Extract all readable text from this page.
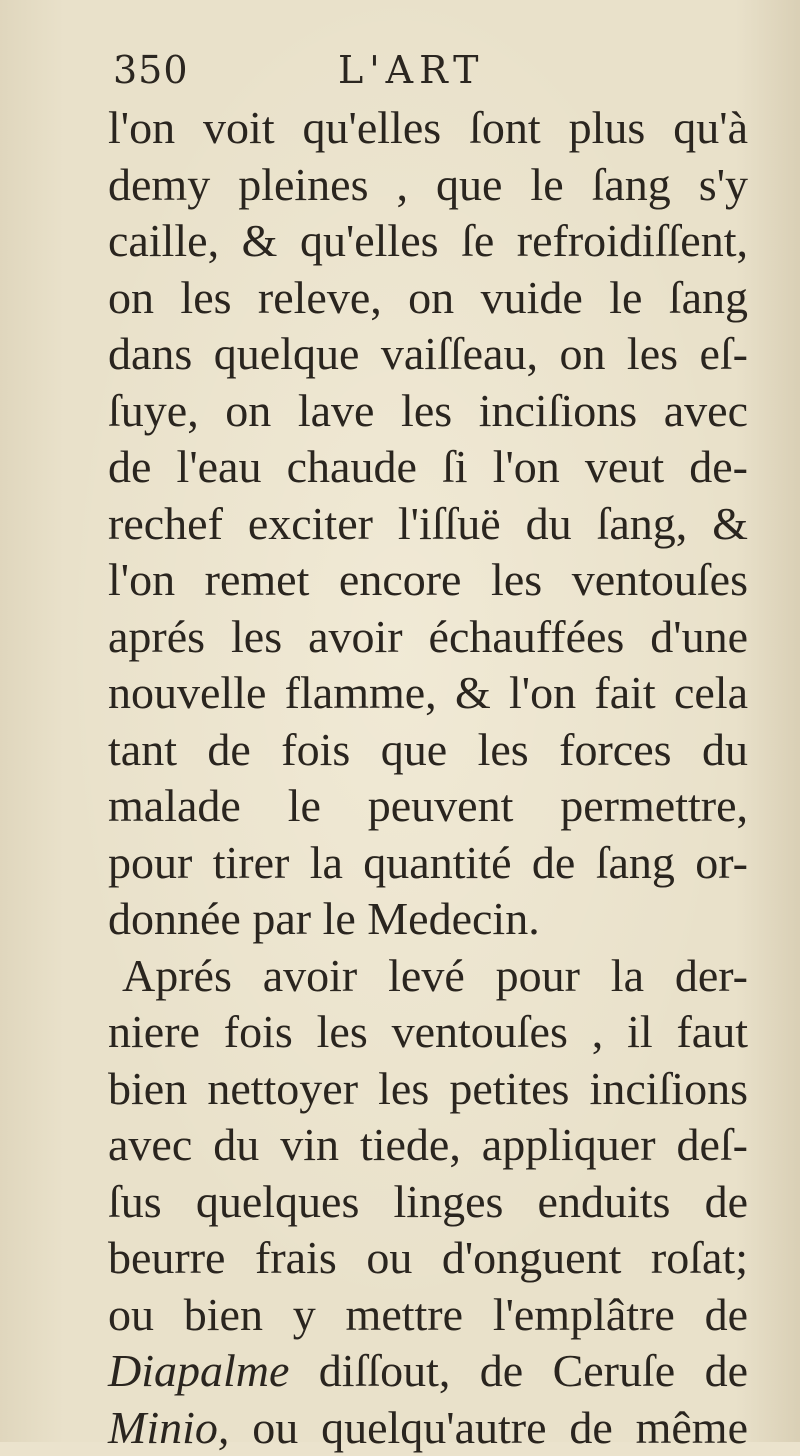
350	L'ART
l'on voit qu'elles ſont plus qu'à
demy pleines , que le ſang s'y
caille, & qu'elles ſe refroidiſſent,
on les releve, on vuide le ſang
dans quelque vaiſſeau, on les eſ-
ſuye, on lave les inciſions avec
de l'eau chaude ſi l'on veut de-
rechef exciter l'iſſuë du ſang, &
l'on remet encore les ventouſes
aprés les avoir échauffées d'une
nouvelle flamme, & l'on fait cela
tant de fois que les forces du
malade le peuvent permettre,
pour tirer la quantité de ſang or-
donnée par le Medecin.
Aprés avoir levé pour la der-
niere fois les ventouſes , il faut
bien nettoyer les petites inciſions
avec du vin tiede, appliquer deſ-
ſus quelques linges enduits de
beurre frais ou d'onguent roſat;
ou bien y mettre l'emplâtre de
Diapalme diſſout, de Ceruſe de
Minio, ou quelqu'autre de même
